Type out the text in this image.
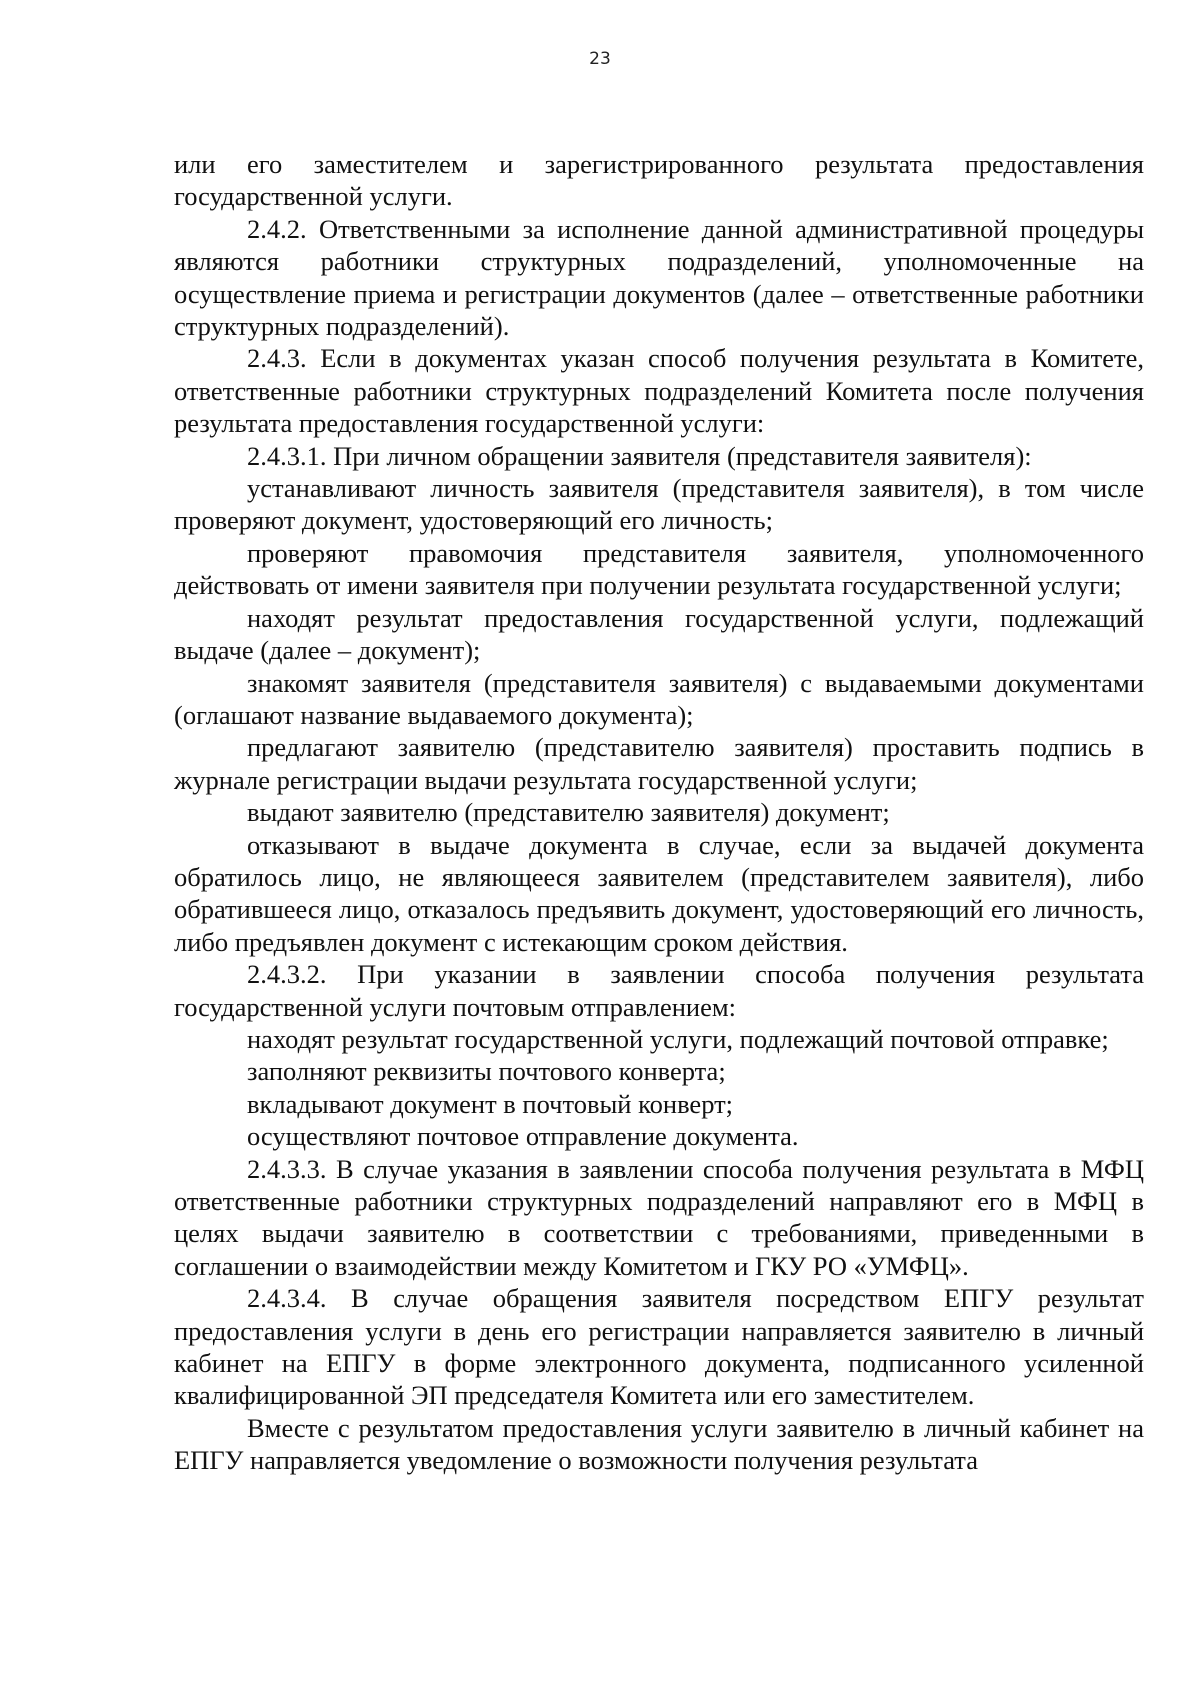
23

или его заместителем и зарегистрированного результата предоставления государственной услуги.

2.4.2. Ответственными за исполнение данной административной процедуры являются работники структурных подразделений, уполномоченные на осуществление приема и регистрации документов (далее – ответственные работники структурных подразделений).

2.4.3. Если в документах указан способ получения результата в Комитете, ответственные работники структурных подразделений Комитета после получения результата предоставления государственной услуги:

2.4.3.1. При личном обращении заявителя (представителя заявителя):

устанавливают личность заявителя (представителя заявителя), в том числе проверяют документ, удостоверяющий его личность;

проверяют правомочия представителя заявителя, уполномоченного действовать от имени заявителя при получении результата государственной услуги;

находят результат предоставления государственной услуги, подлежащий выдаче (далее – документ);

знакомят заявителя (представителя заявителя) с выдаваемыми документами (оглашают название выдаваемого документа);

предлагают заявителю (представителю заявителя) проставить подпись в журнале регистрации выдачи результата государственной услуги;

выдают заявителю (представителю заявителя) документ;

отказывают в выдаче документа в случае, если за выдачей документа обратилось лицо, не являющееся заявителем (представителем заявителя), либо обратившееся лицо, отказалось предъявить документ, удостоверяющий его личность, либо предъявлен документ с истекающим сроком действия.

2.4.3.2. При указании в заявлении способа получения результата государственной услуги почтовым отправлением:

находят результат государственной услуги, подлежащий почтовой отправке;

заполняют реквизиты почтового конверта;

вкладывают документ в почтовый конверт;

осуществляют почтовое отправление документа.

2.4.3.3. В случае указания в заявлении способа получения результата в МФЦ ответственные работники структурных подразделений направляют его в МФЦ в целях выдачи заявителю в соответствии с требованиями, приведенными в соглашении о взаимодействии между Комитетом и ГКУ РО «УМФЦ».

2.4.3.4. В случае обращения заявителя посредством ЕПГУ результат предоставления услуги в день его регистрации направляется заявителю в личный кабинет на ЕПГУ в форме электронного документа, подписанного усиленной квалифицированной ЭП председателя Комитета или его заместителем.

Вместе с результатом предоставления услуги заявителю в личный кабинет на ЕПГУ направляется уведомление о возможности получения результата
